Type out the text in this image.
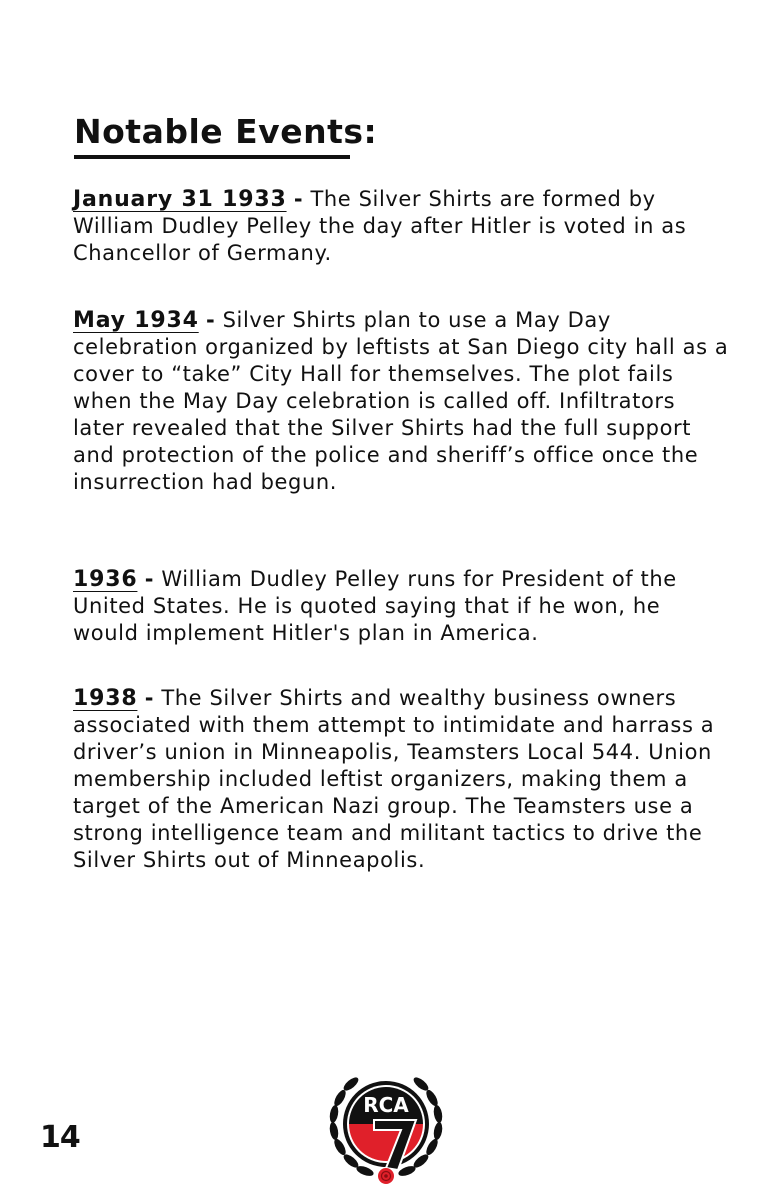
Notable Events:

January 31 1933 - The Silver Shirts are formed by William Dudley Pelley the day after Hitler is voted in as Chancellor of Germany.

May 1934 - Silver Shirts plan to use a May Day celebration organized by leftists at San Diego city hall as a cover to “take” City Hall for themselves. The plot fails when the May Day celebration is called off. Infiltrators later revealed that the Silver Shirts had the full support and protection of the police and sheriff’s office once the insurrection had begun.

1936 - William Dudley Pelley runs for President of the United States. He is quoted saying that if he won, he would implement Hitler's plan in America.

1938 - The Silver Shirts and wealthy business owners associated with them attempt to intimidate and harrass a driver’s union in Minneapolis, Teamsters Local 544. Union membership included leftist organizers, making them a target of the American Nazi group. The Teamsters use a strong intelligence team and militant tactics to drive the Silver Shirts out of Minneapolis.

14
RCA
